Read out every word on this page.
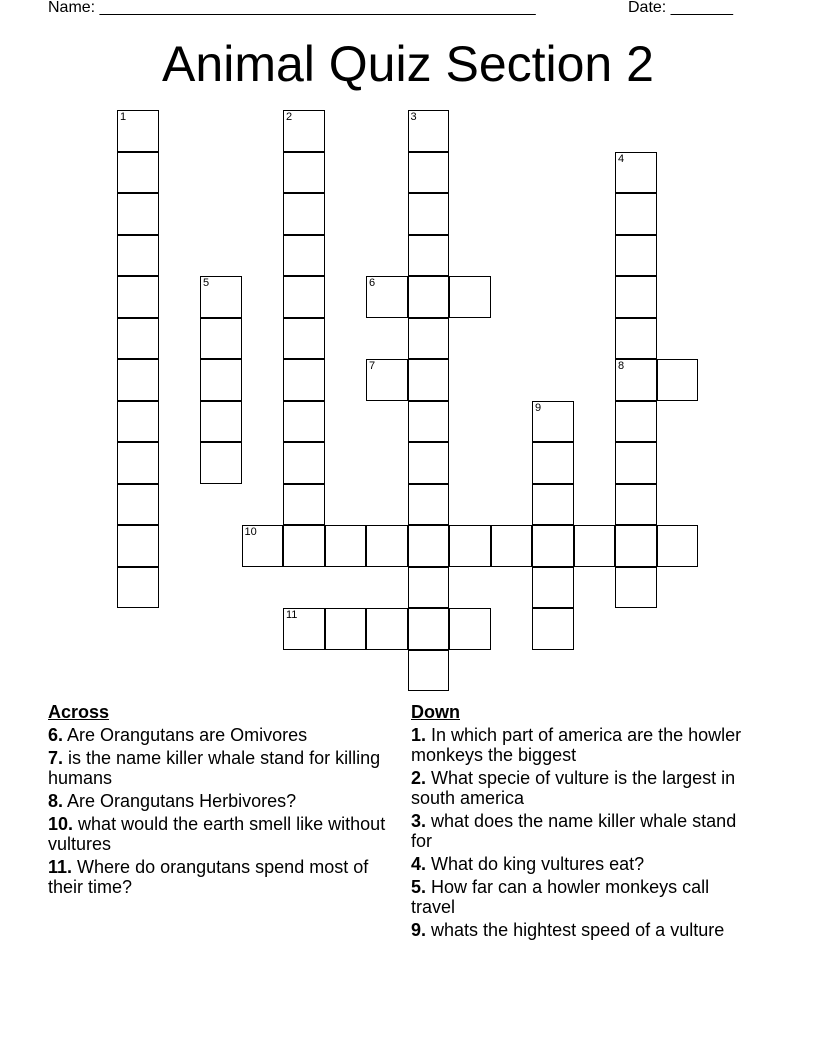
Name: _________________________________________________	Date: _______
Animal Quiz Section 2
1	2	3
4
8
5	6
7
9
10
11
Across
6. Are Orangutans are Omivores
7. is the name killer whale stand for killing humans
8. Are Orangutans Herbivores?
10. what would the earth smell like without vultures
11. Where do orangutans spend most of their time?
Down
1. In which part of america are the howler monkeys the biggest
2. What specie of vulture is the largest in south america
3. what does the name killer whale stand for
4. What do king vultures eat?
5. How far can a howler monkeys call travel
9. whats the hightest speed of a vulture
